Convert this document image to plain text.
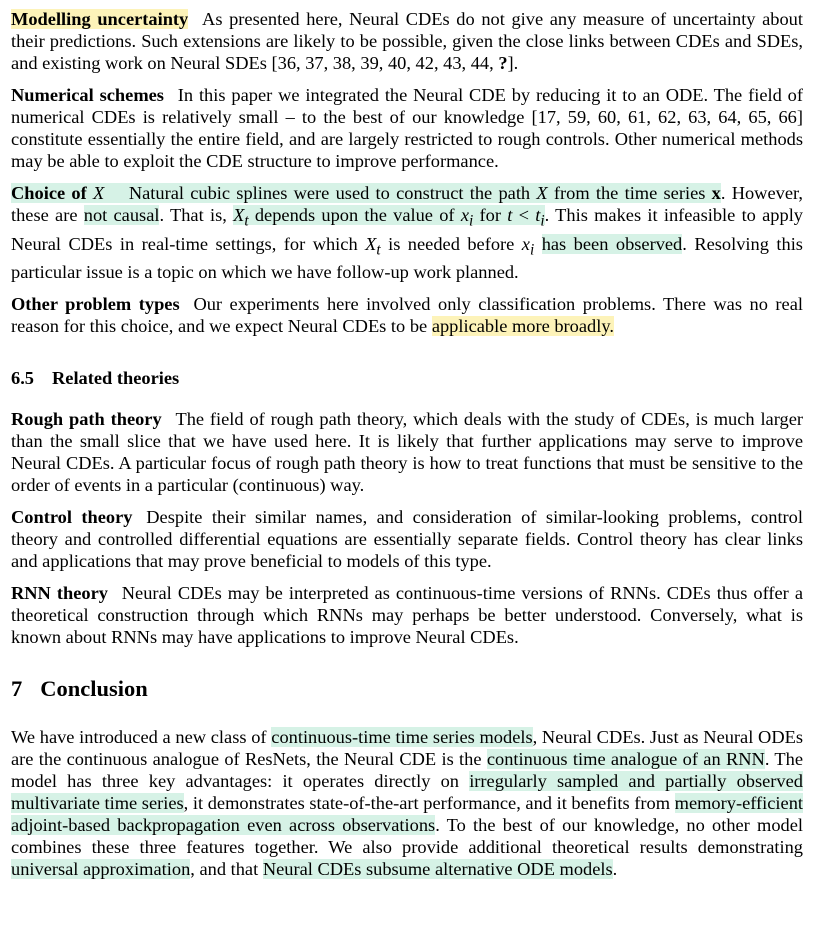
Modelling uncertainty As presented here, Neural CDEs do not give any measure of uncertainty about their predictions. Such extensions are likely to be possible, given the close links between CDEs and SDEs, and existing work on Neural SDEs [36, 37, 38, 39, 40, 42, 43, 44, ?].

Numerical schemes In this paper we integrated the Neural CDE by reducing it to an ODE. The field of numerical CDEs is relatively small – to the best of our knowledge [17, 59, 60, 61, 62, 63, 64, 65, 66] constitute essentially the entire field, and are largely restricted to rough controls. Other numerical methods may be able to exploit the CDE structure to improve performance.

Choice of X  Natural cubic splines were used to construct the path X from the time series x. However, these are not causal. That is, $X_t$ depends upon the value of $x_i$ for $t < t_i$. This makes it infeasible to apply Neural CDEs in real-time settings, for which $X_t$ is needed before $x_i$ has been observed. Resolving this particular issue is a topic on which we have follow-up work planned.

Other problem types Our experiments here involved only classification problems. There was no real reason for this choice, and we expect Neural CDEs to be applicable more broadly.

6.5 Related theories

Rough path theory The field of rough path theory, which deals with the study of CDEs, is much larger than the small slice that we have used here. It is likely that further applications may serve to improve Neural CDEs. A particular focus of rough path theory is how to treat functions that must be sensitive to the order of events in a particular (continuous) way.

Control theory Despite their similar names, and consideration of similar-looking problems, control theory and controlled differential equations are essentially separate fields. Control theory has clear links and applications that may prove beneficial to models of this type.

RNN theory Neural CDEs may be interpreted as continuous-time versions of RNNs. CDEs thus offer a theoretical construction through which RNNs may perhaps be better understood. Conversely, what is known about RNNs may have applications to improve Neural CDEs.

7 Conclusion

We have introduced a new class of continuous-time time series models, Neural CDEs. Just as Neural ODEs are the continuous analogue of ResNets, the Neural CDE is the continuous time analogue of an RNN. The model has three key advantages: it operates directly on irregularly sampled and partially observed multivariate time series, it demonstrates state-of-the-art performance, and it benefits from memory-efficient adjoint-based backpropagation even across observations. To the best of our knowledge, no other model combines these three features together. We also provide additional theoretical results demonstrating universal approximation, and that Neural CDEs subsume alternative ODE models.
